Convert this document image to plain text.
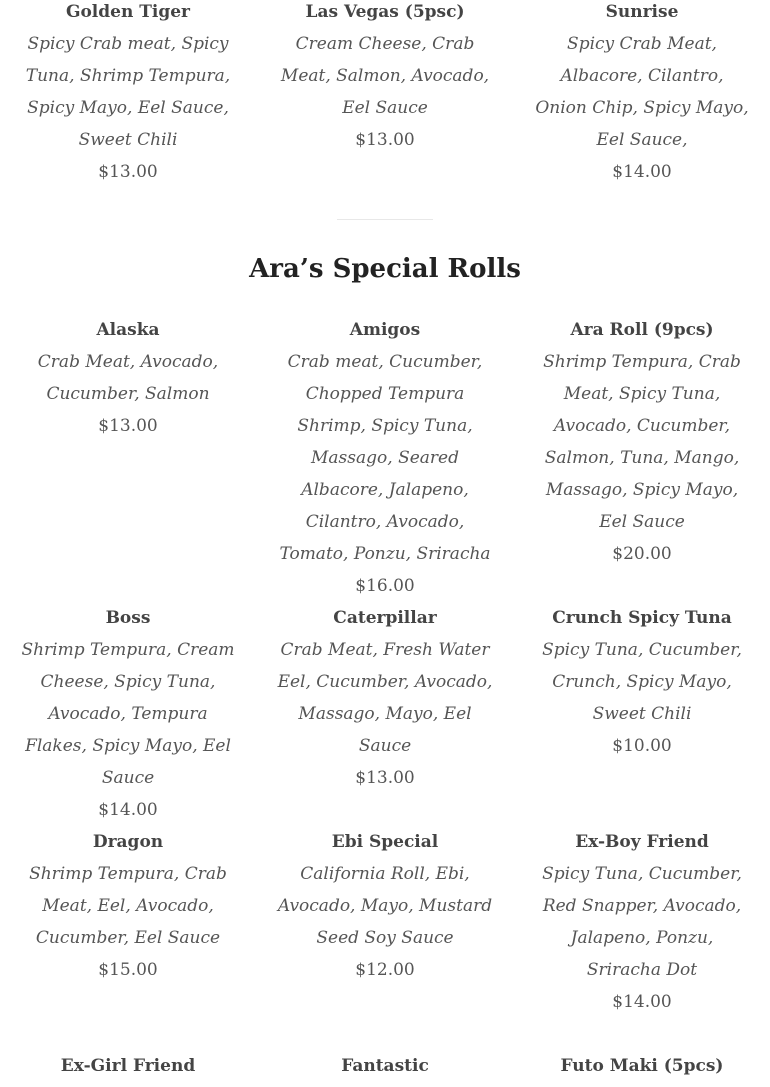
Golden Tiger
Spicy Crab meat, Spicy Tuna, Shrimp Tempura, Spicy Mayo, Eel Sauce, Sweet Chili
$13.00
Las Vegas (5psc)
Cream Cheese, Crab Meat, Salmon, Avocado, Eel Sauce
$13.00
Sunrise
Spicy Crab Meat, Albacore, Cilantro, Onion Chip, Spicy Mayo, Eel Sauce,
$14.00
Ara’s Special Rolls
Alaska
Crab Meat, Avocado, Cucumber, Salmon
$13.00
Amigos
Crab meat, Cucumber, Chopped Tempura Shrimp, Spicy Tuna, Massago, Seared Albacore, Jalapeno, Cilantro, Avocado, Tomato, Ponzu, Sriracha
$16.00
Ara Roll (9pcs)
Shrimp Tempura, Crab Meat, Spicy Tuna, Avocado, Cucumber, Salmon, Tuna, Mango, Massago, Spicy Mayo, Eel Sauce
$20.00
Boss
Shrimp Tempura, Cream Cheese, Spicy Tuna, Avocado, Tempura Flakes, Spicy Mayo, Eel Sauce
$14.00
Caterpillar
Crab Meat, Fresh Water Eel, Cucumber, Avocado, Massago, Mayo, Eel Sauce
$13.00
Crunch Spicy Tuna
Spicy Tuna, Cucumber, Crunch, Spicy Mayo, Sweet Chili
$10.00
Dragon
Shrimp Tempura, Crab Meat, Eel, Avocado, Cucumber, Eel Sauce
$15.00
Ebi Special
California Roll, Ebi, Avocado, Mayo, Mustard Seed Soy Sauce
$12.00
Ex-Boy Friend
Spicy Tuna, Cucumber, Red Snapper, Avocado, Jalapeno, Ponzu, Sriracha Dot
$14.00
Ex-Girl Friend	Fantastic	Futo Maki (5pcs)
